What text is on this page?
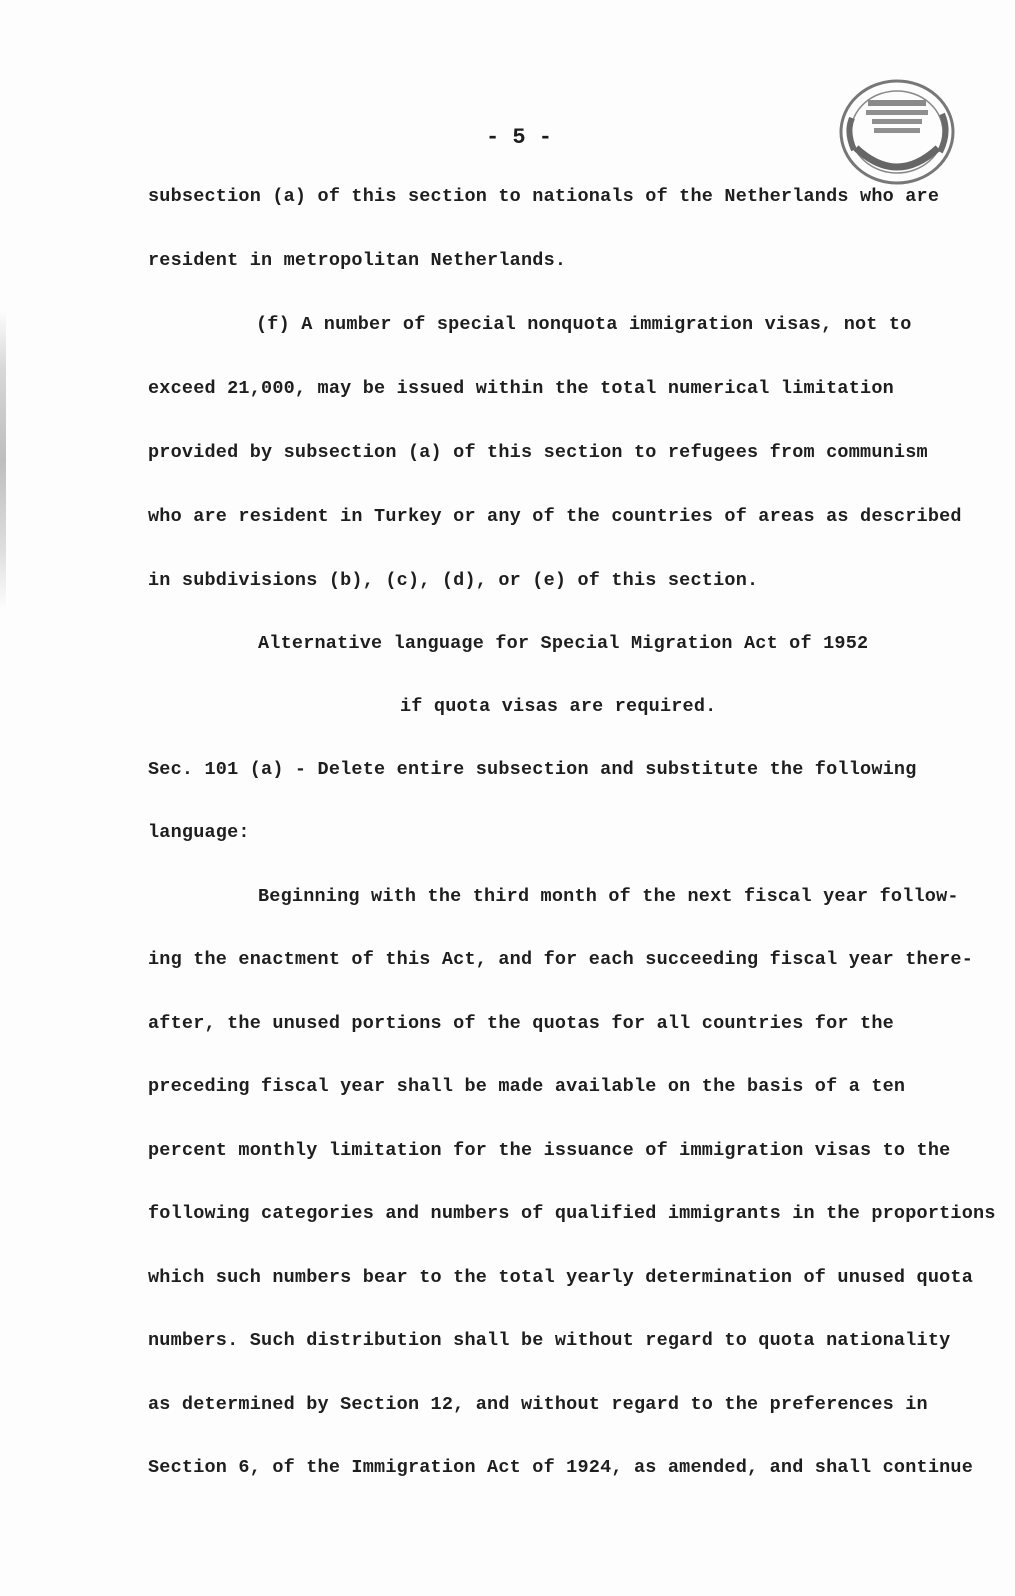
- 5 -
subsection (a) of this section to nationals of the Netherlands who are
resident in metropolitan Netherlands.
(f) A number of special nonquota immigration visas, not to
exceed 21,000, may be issued within the total numerical limitation
provided by subsection (a) of this section to refugees from communism
who are resident in Turkey or any of the countries of areas as described
in subdivisions (b), (c), (d), or (e) of this section.
Alternative language for Special Migration Act of 1952
if quota visas are required.
Sec. 101 (a) - Delete entire subsection and substitute the following
language:
Beginning with the third month of the next fiscal year follow-
ing the enactment of this Act, and for each succeeding fiscal year there-
after, the unused portions of the quotas for all countries for the
preceding fiscal year shall be made available on the basis of a ten
percent monthly limitation for the issuance of immigration visas to the
following categories and numbers of qualified immigrants in the proportions
which such numbers bear to the total yearly determination of unused quota
numbers. Such distribution shall be without regard to quota nationality
as determined by Section 12, and without regard to the preferences in
Section 6, of the Immigration Act of 1924, as amended, and shall continue
